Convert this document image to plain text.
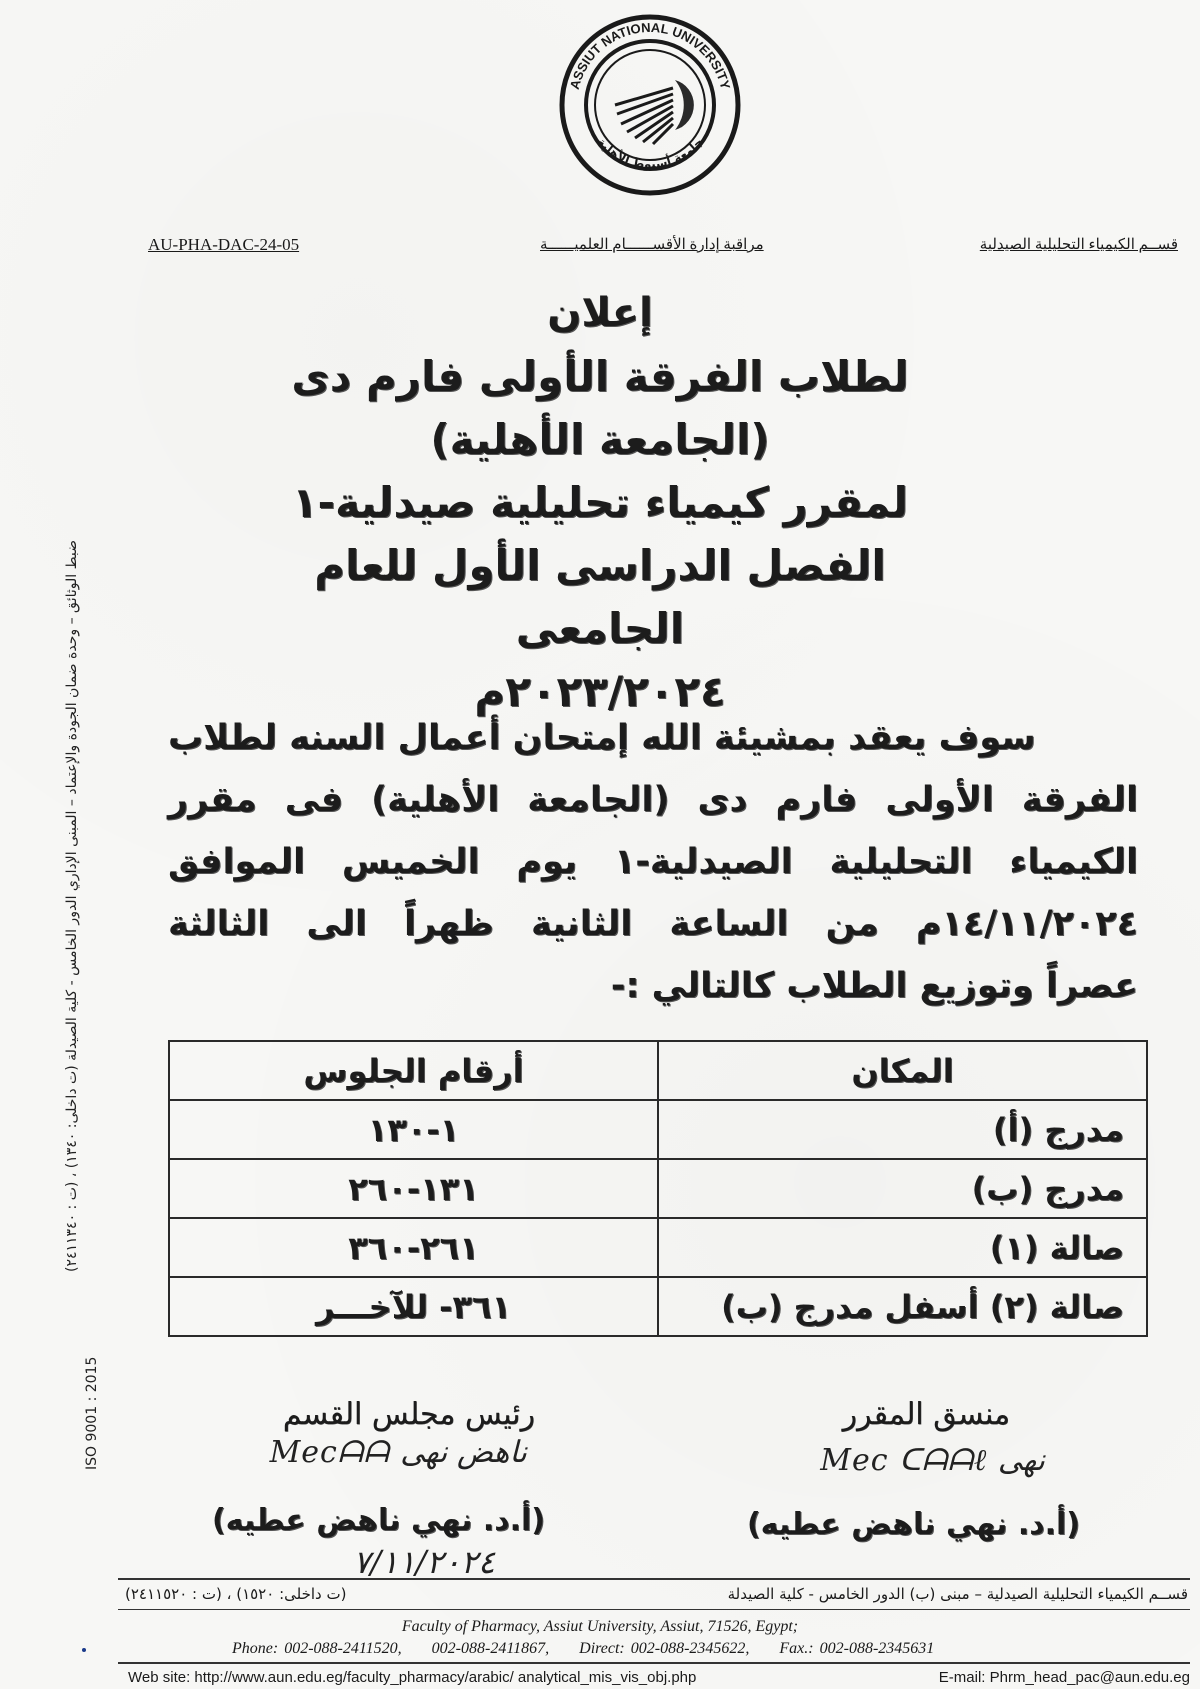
ASSIUT NATIONAL UNIVERSITY
جامعة أسيوط الأهلية
AU-PHA-DAC-24-05	مراقبة إدارة الأقســــــام العلميــــــة	قســم الكيمياء التحليلية الصيدلية
إعلان
لطلاب الفرقة الأولى فارم دى
(الجامعة الأهلية)
لمقرر كيمياء تحليلية صيدلية-١
الفصل الدراسى الأول للعام الجامعى
٢٠٢٣/٢٠٢٤م
سوف يعقد بمشيئة الله إمتحان أعمال السنه لطلاب
الفرقة الأولى فارم دى (الجامعة الأهلية) فى مقرر
الكيمياء التحليلية الصيدلية-١ يوم الخميس الموافق
١٤/١١/٢٠٢٤م من الساعة الثانية ظهراً الى الثالثة
عصراً وتوزيع الطلاب كالتالي :-
المكان	أرقام الجلوس
مدرج (أ)	١-١٣٠
مدرج (ب)	١٣١-٢٦٠
صالة (١)	٢٦١-٣٦٠
صالة (٢) أسفل مدرج (ب)	٣٦١- للآخـــر
منسق المقرر
Mec ᑕᗩᗩℓ نهى
(أ.د. نهي ناهض عطيه)
رئيس مجلس القسم
Mecᗩᗩ ناهض نهى
(أ.د. نهي ناهض عطيه)
٧/١١/٢٠٢٤
قســم الكيمياء التحليلية الصيدلية – مبنى (ب) الدور الخامس - كلية الصيدلة
(ت داخلى: ١٥٢٠) ، (ت : ٢٤١١٥٢٠)
Faculty of Pharmacy, Assiut University, Assiut, 71526, Egypt;
Phone: 002-088-2411520, 002-088-2411867, Direct: 002-088-2345622, Fax.: 002-088-2345631
Web site: http://www.aun.edu.eg/faculty_pharmacy/arabic/ analytical_mis_vis_obj.php	E-mail: Phrm_head_pac@aun.edu.eg
ضبط الوثائق – وحدة ضمان الجودة والإعتماد – المبنى الإداري الدور الخامس - كلية الصيدلة (ت داخلى: ١٣٤٠) ، (ت : ٢٤١١٣٤٠)
ISO 9001 : 2015
